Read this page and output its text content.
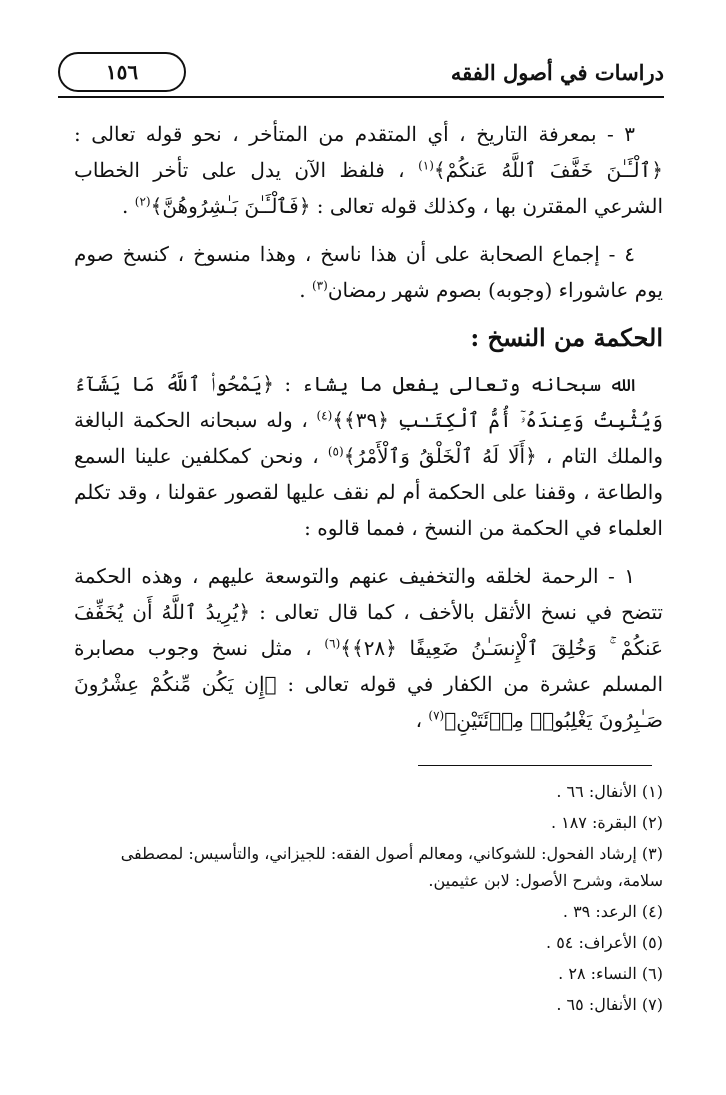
دراسات في أصول الفقه
١٥٦

٣ - بمعرفة التاريخ ، أي المتقدم من المتأخر ، نحو قوله تعالى : ﴿ٱلْـَٔـٰنَ خَفَّفَ ٱللَّهُ عَنكُمْ﴾$^{(١)}$ ، فلفظ الآن يدل على تأخر الخطاب الشرعي المقترن بها ، وكذلك قوله تعالى : ﴿فَٱلْـَٔـٰنَ بَـٰشِرُوهُنَّ﴾$^{(٢)}$ .

٤ - إجماع الصحابة على أن هذا ناسخ ، وهذا منسوخ ، كنسخ صوم يوم عاشوراء (وجوبه) بصوم شهر رمضان$^{(٣)}$ .

الحكمة من النسخ :

الله سبحانه وتعالى يفعل ما يشاء : ﴿يَمْحُوا۟ ٱللَّهُ مَا يَشَآءُ وَيُثْبِتُ وَعِندَهُۥٓ أُمُّ ٱلْكِتَـٰبِ ﴿٣٩﴾﴾$^{(٤)}$ ، وله سبحانه الحكمة البالغة والملك التام ، ﴿أَلَا لَهُ ٱلْخَلْقُ وَٱلْأَمْرُ﴾$^{(٥)}$ ، ونحن كمكلفين علينا السمع والطاعة ، وقفنا على الحكمة أم لم نقف عليها لقصور عقولنا ، وقد تكلم العلماء في الحكمة من النسخ ، فمما قالوه :

١ - الرحمة لخلقه والتخفيف عنهم والتوسعة عليهم ، وهذه الحكمة تتضح في نسخ الأثقل بالأخف ، كما قال تعالى : ﴿يُرِيدُ ٱللَّهُ أَن يُخَفِّفَ عَنكُمْ ۚ وَخُلِقَ ٱلْإِنسَـٰنُ ضَعِيفًا ﴿٢٨﴾﴾$^{(٦)}$ ، مثل نسخ وجوب مصابرة المسلم عشرة من الكفار في قوله تعالى : ﴿إِن يَكُن مِّنكُمْ عِشْرُونَ صَـٰبِرُونَ يَغْلِبُوا۟ مِا۟ئَتَيْنِ﴾$^{(٧)}$ ،

(١) الأنفال: ٦٦ .
(٢) البقرة: ١٨٧ .
(٣) إرشاد الفحول: للشوكاني، ومعالم أصول الفقه: للجيزاني، والتأسيس: لمصطفى سلامة، وشرح الأصول: لابن عثيمين.
(٤) الرعد: ٣٩ .
(٥) الأعراف: ٥٤ .
(٦) النساء: ٢٨ .
(٧) الأنفال: ٦٥ .
